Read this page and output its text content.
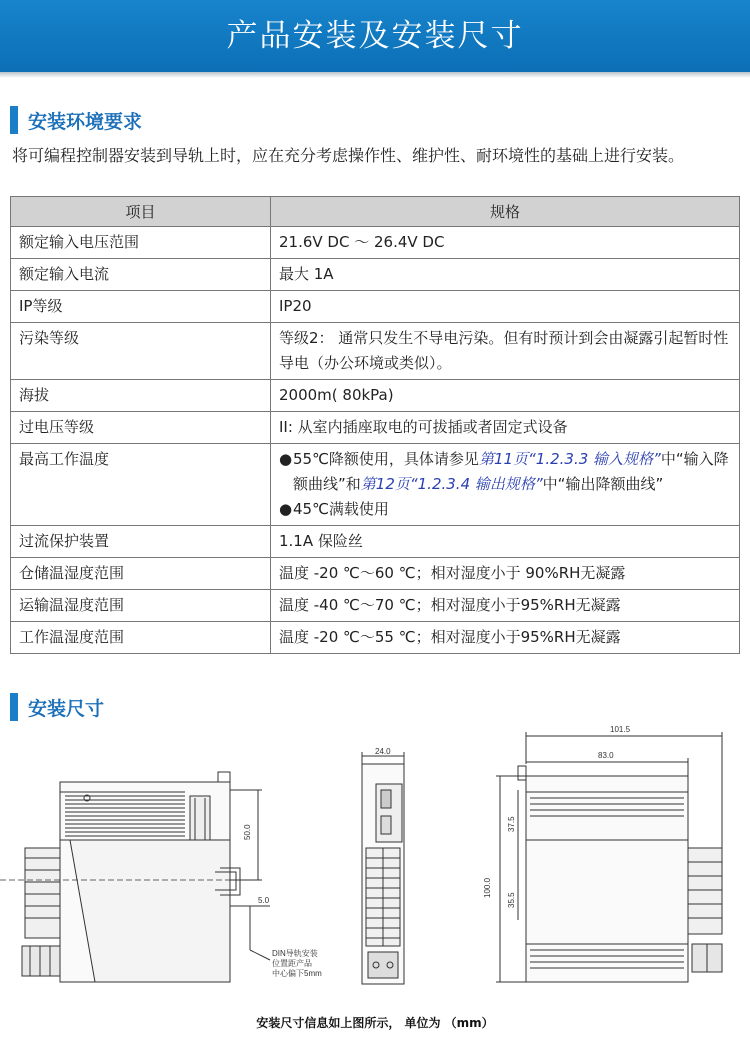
产品安装及安装尺寸
安装环境要求
将可编程控制器安装到导轨上时，应在充分考虑操作性、维护性、耐环境性的基础上进行安装。
项目	规格
额定输入电压范围	21.6V DC ～ 26.4V DC
额定输入电流	最大 1A
IP等级	IP20
污染等级	等级2： 通常只发生不导电污染。但有时预计到会由凝露引起暂时性导电（办公环境或类似）。
海拔	2000m( 80kPa)
过电压等级	II: 从室内插座取电的可拔插或者固定式设备
最高工作温度	● 55℃降额使用，具体请参见第11页“1.2.3.3 输入规格”中“输入降额曲线”和第12页“1.2.3.4 输出规格”中“输出降额曲线”
● 45℃满载使用

过流保护装置	1.1A 保险丝
仓储温湿度范围	温度 -20 ℃～60 ℃；相对湿度小于 90%RH无凝露
运输温湿度范围	温度 -40 ℃～70 ℃；相对湿度小于95%RH无凝露
工作温湿度范围	温度 -20 ℃～55 ℃；相对湿度小于95%RH无凝露
安装尺寸
50.0
5.0
DIN导轨安装
位置距产品
中心偏下5mm
24.0
101.5
83.0
37.5
100.0
35.5
安装尺寸信息如上图所示， 单位为 （mm）
